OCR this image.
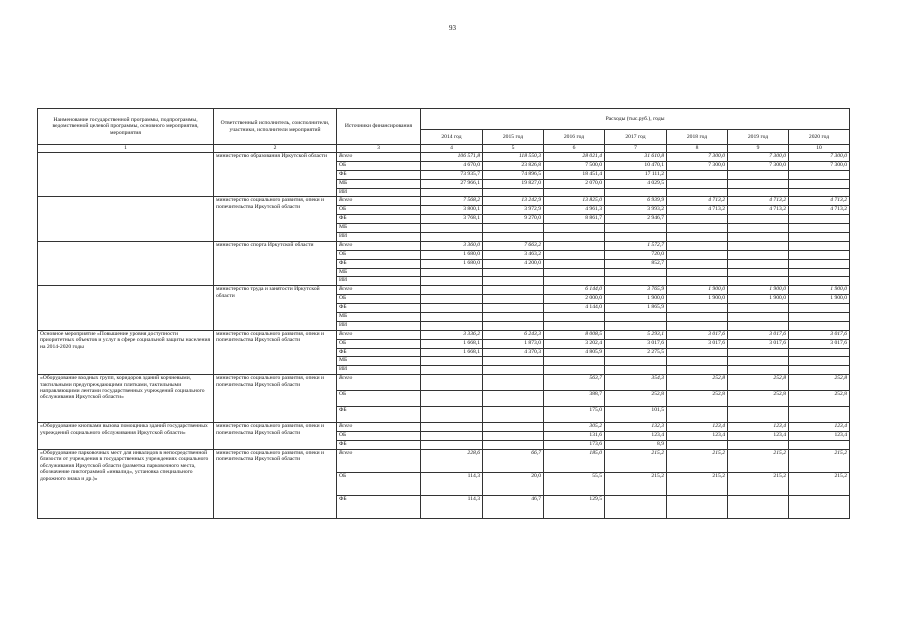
93
Наименование государственной программы, подпрограммы, ведомственной целевой программы, основного мероприятия, мероприятия	Ответственный исполнитель, соисполнители, участники, исполнители мероприятий	Источники финансирования	Расходы (тыс.руб.), годы						
			2014 год	2015 год	2016 год	2017 год	2018 год	2019 год	2020 год
1	2	3	4	5	6	7	8	9	10
	министерство образования Иркутской области	Всего	106 571,8	118 550,3	28 021,4	31 610,8	7 300,0	7 300,0	7 300,0
		ОБ	4 670,0	23 826,8	7 500,0	10 470,1	7 300,0	7 300,0	7 300,0
		ФБ	73 935,7	74 896,5	18 451,4	17 111,2			
		МБ	27 966,1	19 827,0	2 070,0	4 029,5			
		ИИ							
	министерство социального развития, опеки и попечительства Иркутской области	Всего	7 568,2	13 242,9	13 825,0	6 939,9	4 713,2	4 713,2	4 713,2
		ОБ	3 800,1	3 972,9	4 961,3	3 993,2	4 713,2	4 713,2	4 713,2
		ФБ	3 768,1	9 270,0	8 861,7	2 946,7			
		МБ							
		ИИ							
	министерство спорта Иркутской области	Всего	3 360,0	7 663,2		1 572,7			
		ОБ	1 680,0	3 463,2		720,0			
		ФБ	1 680,0	4 200,0		852,7			
		МБ							
		ИИ							
	министерство труда и занятости Иркутской области	Всего			6 144,0	3 765,9	1 900,0	1 900,0	1 900,0
		ОБ			2 000,0	1 900,0	1 900,0	1 900,0	1 900,0
		ФБ			4 144,0	1 865,9			
		МБ							
		ИИ							
Основное мероприятие «Повышение уровня доступности приоритетных объектов и услуг в сфере социальной защиты населения на 2014-2020 годы	министерство социального развития, опеки и попечительства Иркутской области	Всего	3 336,2	6 243,3	8 008,5	5 293,1	3 017,6	3 017,6	3 017,6
		ОБ	1 668,1	1 873,0	3 202,4	3 017,6	3 017,6	3 017,6	3 017,6
		ФБ	1 668,1	4 370,3	4 805,9	2 275,5			
		МБ							
		ИИ							
«Оборудование входных групп, коридоров зданий корчневыми, тактильными предупреждающими плитками, тактильными направляющими лентами государственных учреждений социального обслуживания Иркутской области»	министерство социального развития, опеки и попечительства Иркутской области	Всего			563,7	354,3	252,8	252,8	252,8
		ОБ			388,7	252,8	252,8	252,8	252,8
		ФБ			175,0	101,5			
«Оборудование кнопками вызова помощника зданий государственных учреждений социального обслуживания Иркутской области»	министерство социального развития, опеки и попечительства Иркутской области	Всего			305,2	132,3	123,4	123,4	123,4
		ОБ			131,6	123,4	123,4	123,4	123,4
		ФБ			173,6	8,9			
«Оборудование парковочных мест для инвалидов в непосредственной близости от учреждения в государственных учреждениях социального обслуживания Иркутской области (разметка парковочного места, обозначение пиктограммой «инвалид», установка специального дорожного знака и др.)»	министерство социального развития, опеки и попечительства Иркутской области	Всего	228,6	66,7	185,0	215,2	215,2	215,2	215,2
		ОБ	114,3	20,0	55,5	215,2	215,2	215,2	215,2
		ФБ	114,3	46,7	129,5				
